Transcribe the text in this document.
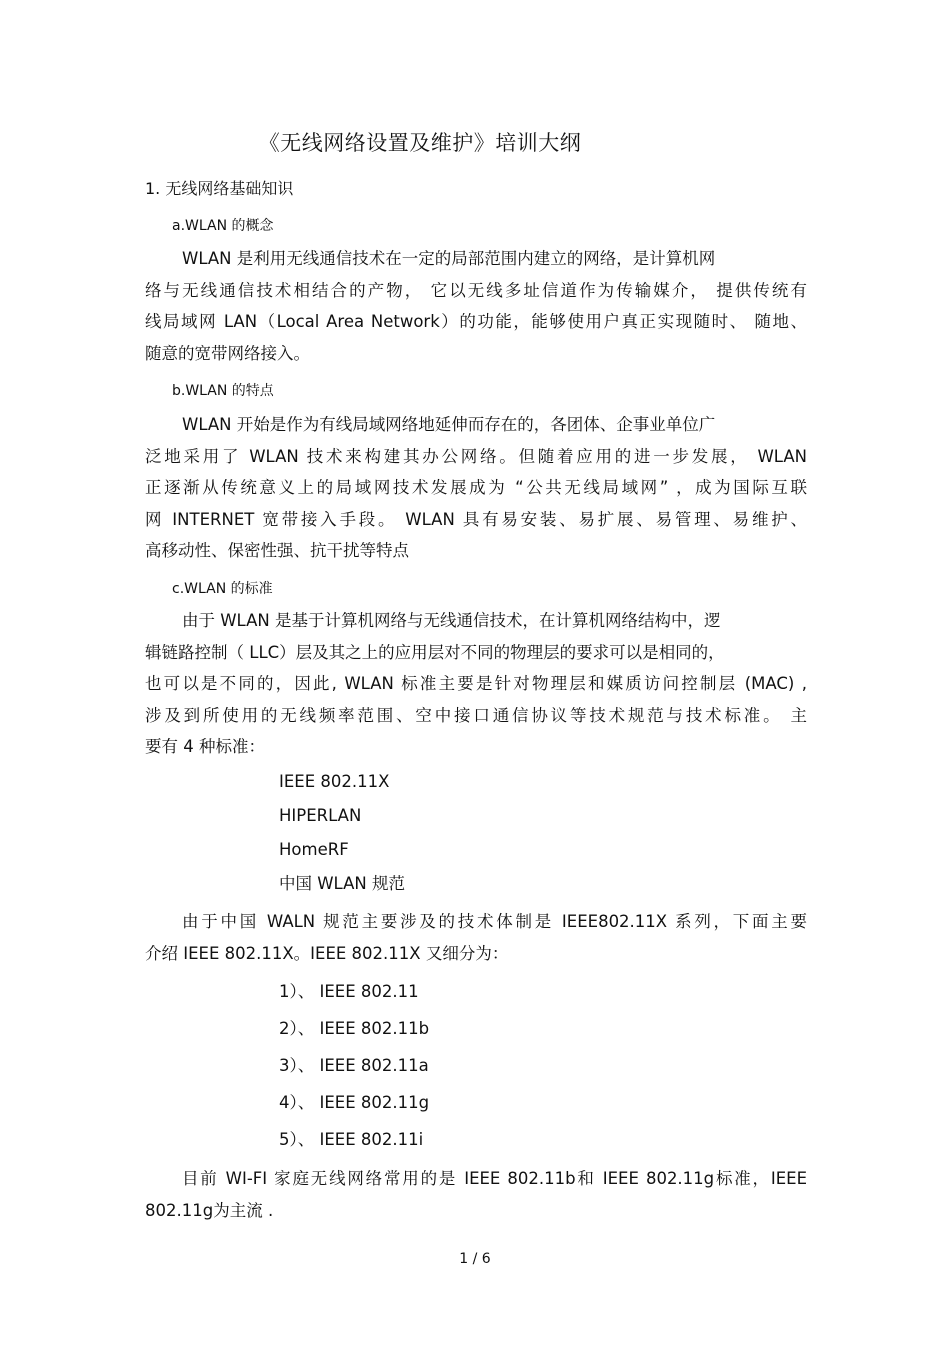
《无线网络设置及维护》培训大纲
1. 无线网络基础知识
a.WLAN 的概念
WLAN 是利用无线通信技术在一定的局部范围内建立的网络，是计算机网
络与无线通信技术相结合的产物， 它以无线多址信道作为传输媒介， 提供传统有
线局域网 LAN（Local Area Network）的功能，能够使用户真正实现随时、 随地、
随意的宽带网络接入。
b.WLAN 的特点
WLAN 开始是作为有线局域网络地延伸而存在的，各团体、企事业单位广
泛地采用了 WLAN 技术来构建其办公网络。但随着应用的进一步发展， WLAN
正逐渐从传统意义上的局域网技术发展成为 “公共无线局域网” ，成为国际互联
网 INTERNET 宽带接入手段。 WLAN 具有易安装、易扩展、易管理、易维护、
高移动性、保密性强、抗干扰等特点
c.WLAN 的标准
由于 WLAN 是基于计算机网络与无线通信技术，在计算机网络结构中，逻
辑链路控制（ LLC）层及其之上的应用层对不同的物理层的要求可以是相同的，
也可以是不同的，因此, WLAN 标准主要是针对物理层和媒质访问控制层 (MAC) ,
涉及到所使用的无线频率范围、空中接口通信协议等技术规范与技术标准。 主
要有 4 种标准：
IEEE 802.11X
HIPERLAN
HomeRF
中国 WLAN 规范
由于中国 WALN 规范主要涉及的技术体制是 IEEE802.11X 系列，下面主要
介绍 IEEE 802.11X。IEEE 802.11X 又细分为：
1）、 IEEE 802.11
2）、 IEEE 802.11b
3）、 IEEE 802.11a
4）、 IEEE 802.11g
5）、 IEEE 802.11i
目前 WI-FI 家庭无线网络常用的是 IEEE 802.11b和 IEEE 802.11g标准，IEEE
802.11g为主流 .
1 / 6
